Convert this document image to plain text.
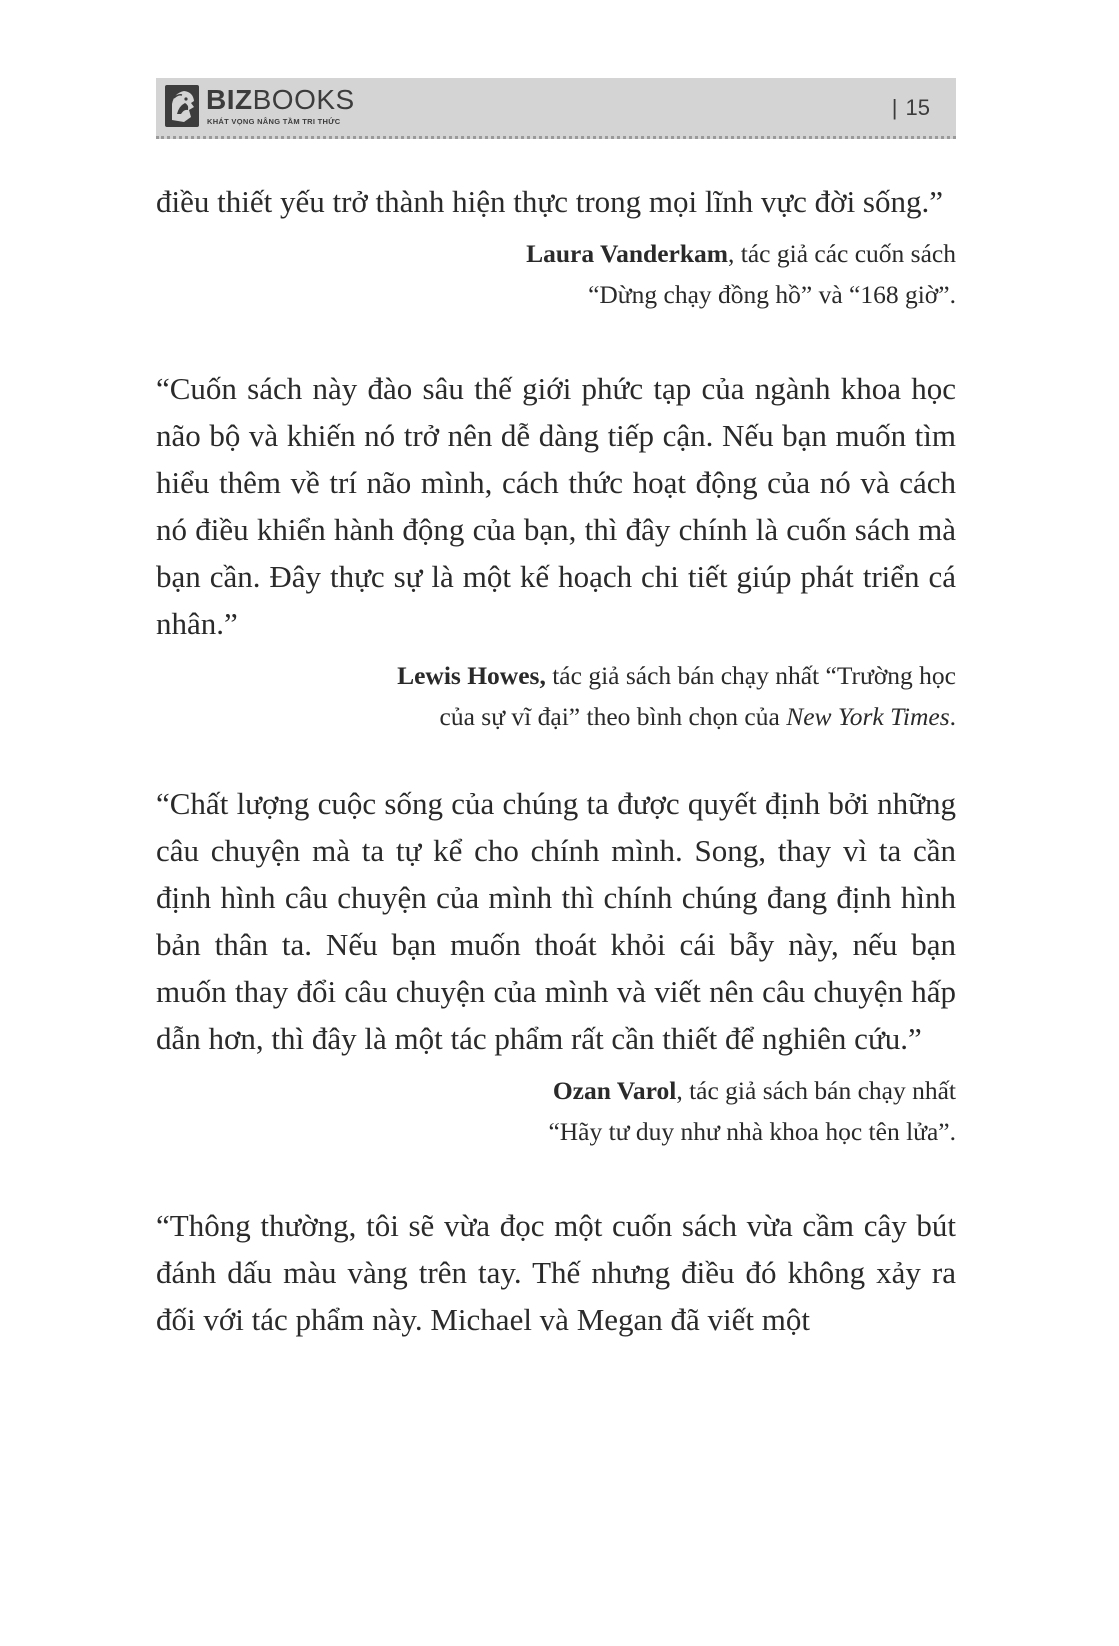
BIZBOOKS
KHÁT VỌNG NÂNG TẦM TRI THỨC
| 15

điều thiết yếu trở thành hiện thực trong mọi lĩnh vực đời sống.”

Laura Vanderkam, tác giả các cuốn sách
“Dừng chạy đồng hồ” và “168 giờ”.

“Cuốn sách này đào sâu thế giới phức tạp của ngành khoa học não bộ và khiến nó trở nên dễ dàng tiếp cận. Nếu bạn muốn tìm hiểu thêm về trí não mình, cách thức hoạt động của nó và cách nó điều khiển hành động của bạn, thì đây chính là cuốn sách mà bạn cần. Đây thực sự là một kế hoạch chi tiết giúp phát triển cá nhân.”

Lewis Howes, tác giả sách bán chạy nhất “Trường học
của sự vĩ đại” theo bình chọn của New York Times.

“Chất lượng cuộc sống của chúng ta được quyết định bởi những câu chuyện mà ta tự kể cho chính mình. Song, thay vì ta cần định hình câu chuyện của mình thì chính chúng đang định hình bản thân ta. Nếu bạn muốn thoát khỏi cái bẫy này, nếu bạn muốn thay đổi câu chuyện của mình và viết nên câu chuyện hấp dẫn hơn, thì đây là một tác phẩm rất cần thiết để nghiên cứu.”

Ozan Varol, tác giả sách bán chạy nhất
“Hãy tư duy như nhà khoa học tên lửa”.

“Thông thường, tôi sẽ vừa đọc một cuốn sách vừa cầm cây bút đánh dấu màu vàng trên tay. Thế nhưng điều đó không xảy ra đối với tác phẩm này. Michael và Megan đã viết một
